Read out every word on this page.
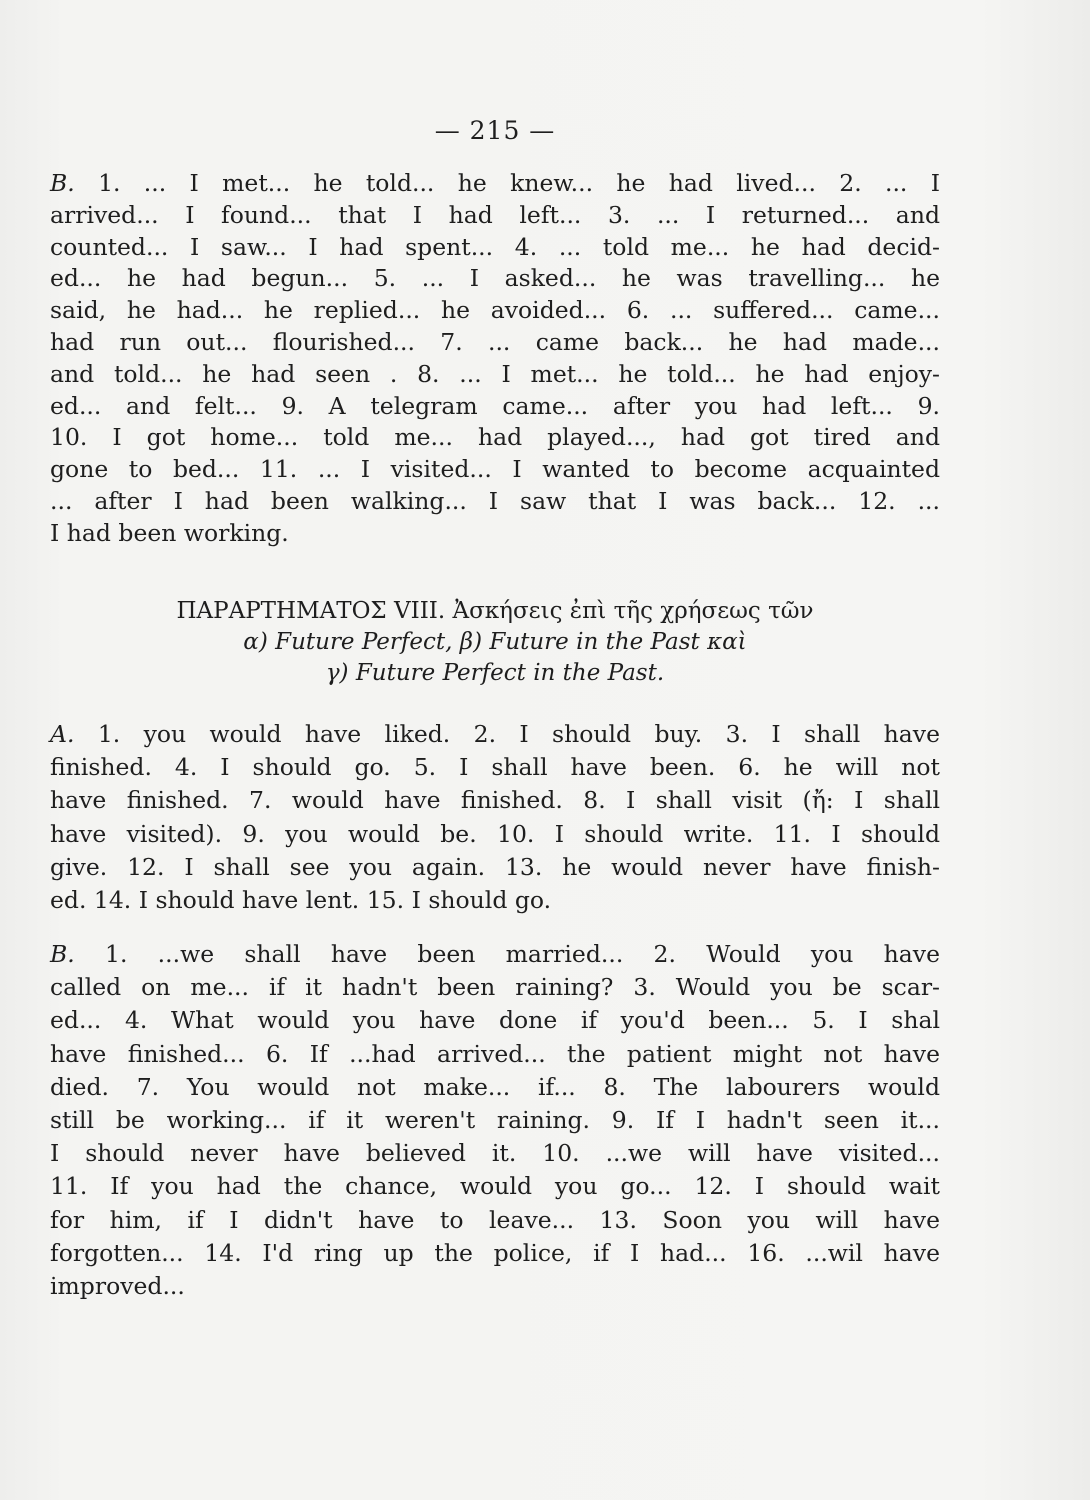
— 215 —
B. 1. ... I met... he told... he knew... he had lived... 2. ... I
arrived... I found... that I had left... 3. ... I returned... and
counted... I saw... I had spent... 4. ... told me... he had decid-
ed... he had begun... 5. ... I asked... he was travelling... he
said, he had... he replied... he avoided... 6. ... suffered... came...
had run out... flourished... 7. ... came back... he had made...
and told... he had seen . 8. ... I met... he told... he had enjoy-
ed... and felt... 9. A telegram came... after you had left... 9.
10. I got home... told me... had played..., had got tired and
gone to bed... 11. ... I visited... I wanted to become acquainted
... after I had been walking... I saw that I was back... 12. ...
I had been working.
ΠΑΡΑΡΤΗΜΑΤΟΣ VIII. Ἀσκήσεις ἐπὶ τῆς χρήσεως τῶν
α) Future Perfect, β) Future in the Past καὶ
γ) Future Perfect in the Past.
A. 1. you would have liked. 2. I should buy. 3. I shall have
finished. 4. I should go. 5. I shall have been. 6. he will not
have finished. 7. would have finished. 8. I shall visit (ἤ: I shall
have visited). 9. you would be. 10. I should write. 11. I should
give. 12. I shall see you again. 13. he would never have finish-
ed. 14. I should have lent. 15. I should go.
B. 1. ...we shall have been married... 2. Would you have
called on me... if it hadn't been raining? 3. Would you be scar-
ed... 4. What would you have done if you'd been... 5. I shal
have finished... 6. If ...had arrived... the patient might not have
died. 7. You would not make... if... 8. The labourers would
still be working... if it weren't raining. 9. If I hadn't seen it...
I should never have believed it. 10. ...we will have visited...
11. If you had the chance, would you go... 12. I should wait
for him, if I didn't have to leave... 13. Soon you will have
forgotten... 14. I'd ring up the police, if I had... 16. ...wil have
improved...
